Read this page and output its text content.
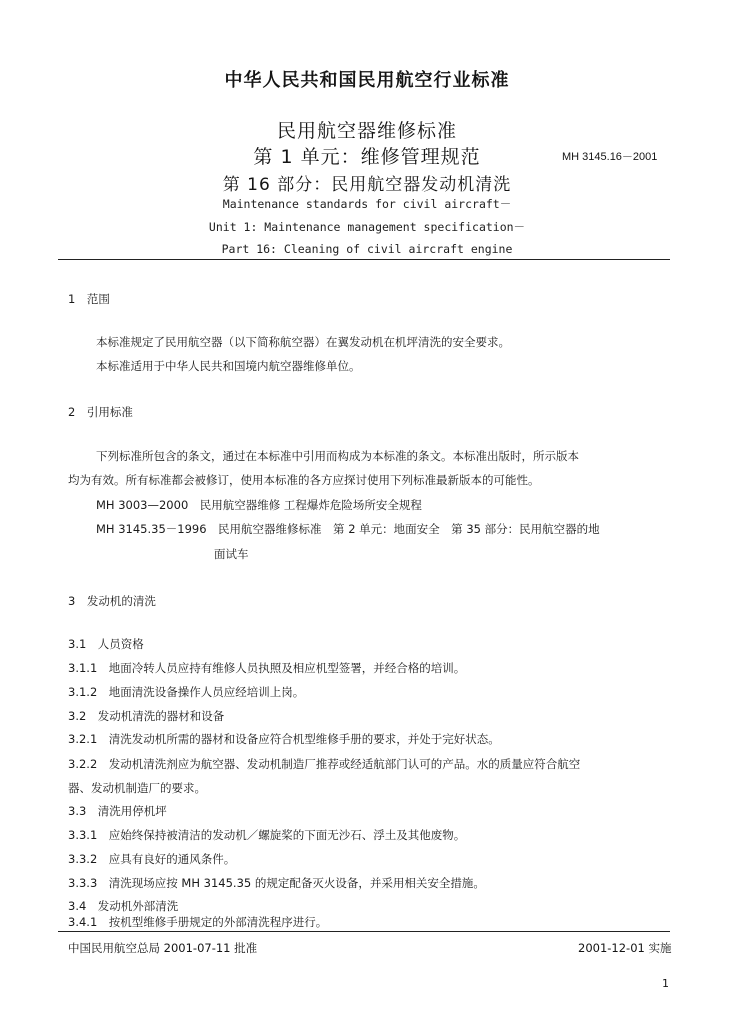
中华人民共和国民用航空行业标准
民用航空器维修标准
第 1 单元：维修管理规范	MH 3145.16－2001
第 16 部分：民用航空器发动机清洗
Maintenance standards for civil aircraft－
Unit 1: Maintenance management specification－
Part 16: Cleaning of civil aircraft engine
1　范围
本标准规定了民用航空器（以下简称航空器）在翼发动机在机坪清洗的安全要求。
本标准适用于中华人民共和国境内航空器维修单位。
2　引用标准
下列标准所包含的条文，通过在本标准中引用而构成为本标准的条文。本标准出版时，所示版本
均为有效。所有标准都会被修订，使用本标准的各方应探讨使用下列标准最新版本的可能性。
MH 3003—2000　民用航空器维修 工程爆炸危险场所安全规程
MH 3145.35－1996　民用航空器维修标准　第 2 单元：地面安全　第 35 部分：民用航空器的地
面试车
3　发动机的清洗
3.1　人员资格
3.1.1　地面冷转人员应持有维修人员执照及相应机型签署，并经合格的培训。
3.1.2　地面清洗设备操作人员应经培训上岗。
3.2　发动机清洗的器材和设备
3.2.1　清洗发动机所需的器材和设备应符合机型维修手册的要求，并处于完好状态。
3.2.2　发动机清洗剂应为航空器、发动机制造厂推荐或经适航部门认可的产品。水的质量应符合航空
器、发动机制造厂的要求。
3.3　清洗用停机坪
3.3.1　应始终保持被清洁的发动机／螺旋桨的下面无沙石、浮土及其他废物。
3.3.2　应具有良好的通风条件。
3.3.3　清洗现场应按 MH 3145.35 的规定配备灭火设备，并采用相关安全措施。
3.4　发动机外部清洗
3.4.1　按机型维修手册规定的外部清洗程序进行。
中国民用航空总局 2001-07-11 批准	2001-12-01 实施
1
